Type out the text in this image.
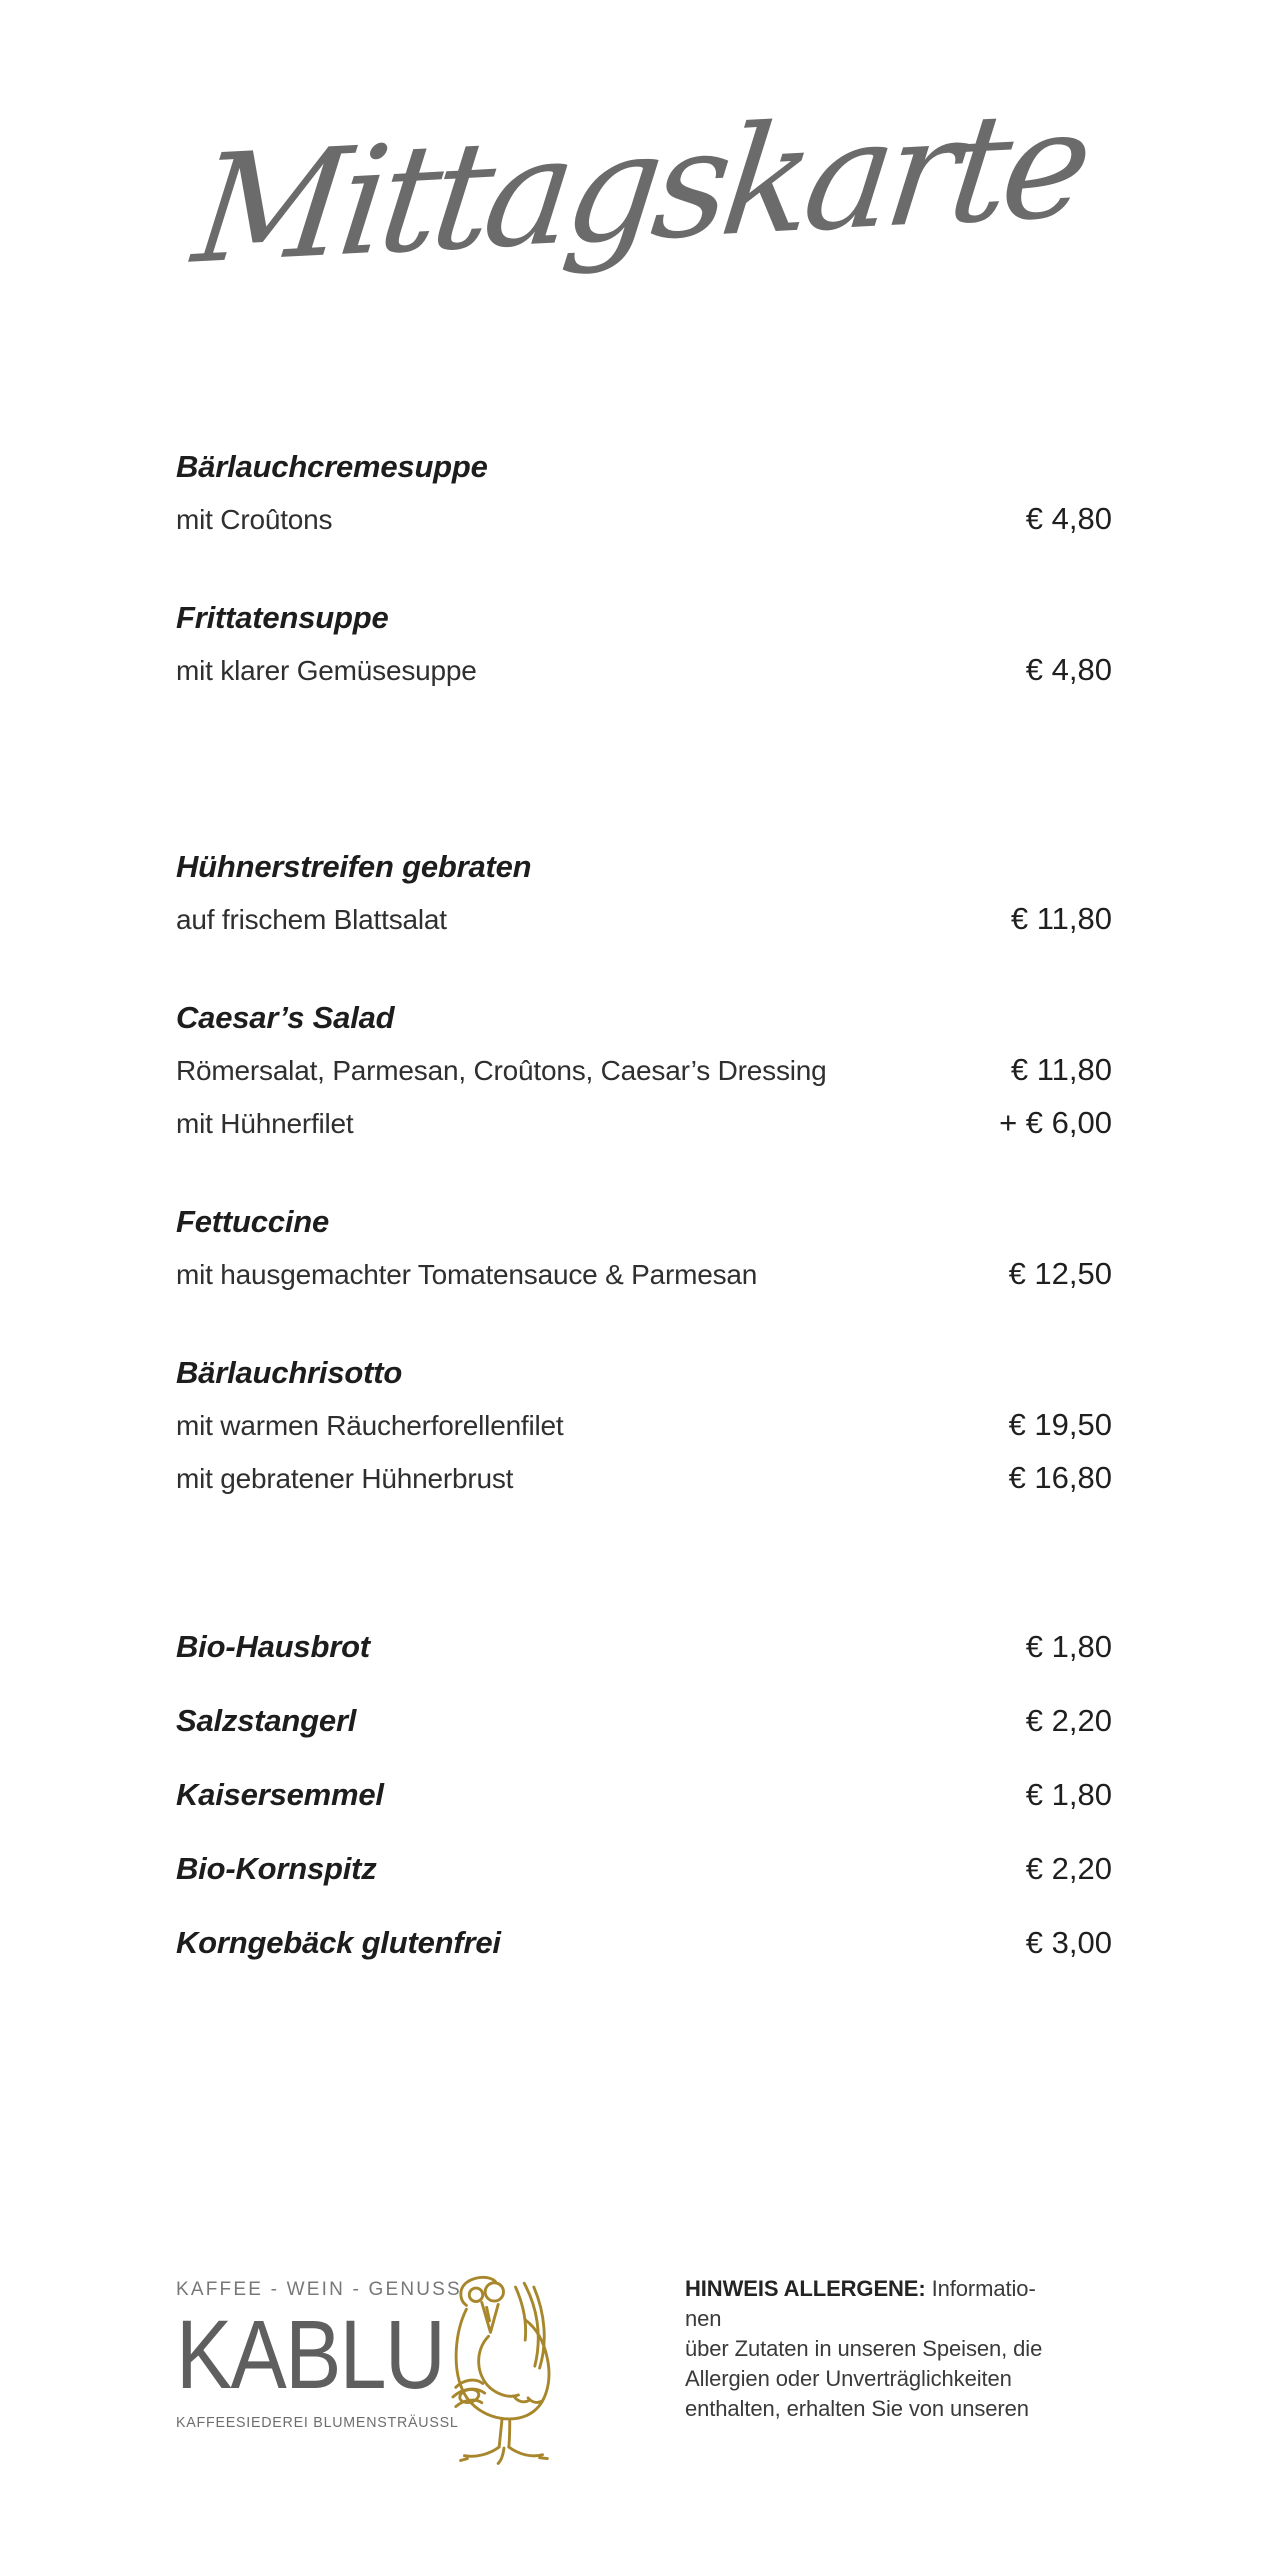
Mittagskarte
Bärlauchcremesuppe
mit Croûtons	€ 4,80
Frittatensuppe
mit klarer Gemüsesuppe	€ 4,80
Hühnerstreifen gebraten
auf frischem Blattsalat	€ 11,80
Caesar’s Salad
Römersalat, Parmesan, Croûtons, Caesar’s Dressing	€ 11,80
mit Hühnerfilet	+ € 6,00
Fettuccine
mit hausgemachter Tomatensauce & Parmesan	€ 12,50
Bärlauchrisotto
mit warmen Räucherforellenfilet	€ 19,50
mit gebratener Hühnerbrust	€ 16,80
Bio-Hausbrot	€ 1,80
Salzstangerl	€ 2,20
Kaisersemmel	€ 1,80
Bio-Kornspitz	€ 2,20
Korngebäck glutenfrei	€ 3,00
KAFFEE - WEIN - GENUSS
KABLU
KAFFEESIEDEREI BLUMENSTRÄUSSL

HINWEIS ALLERGENE: Informatio-

nen

über Zutaten in unseren Speisen, die

Allergien oder Unverträglichkeiten

enthalten, erhalten Sie von unseren
